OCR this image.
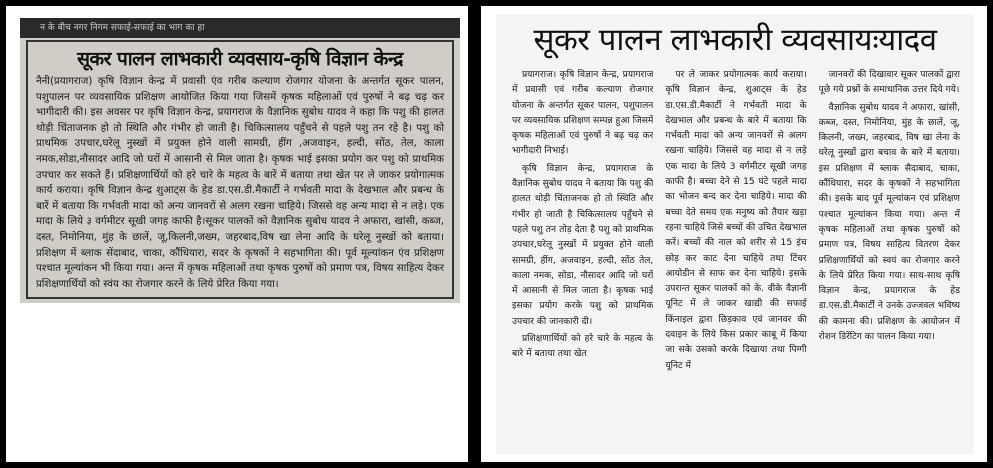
न के बीच नगर निगम सफाई-सफाई का भाग का हा
सूकर पालन लाभकारी व्यवसाय-कृषि विज्ञान केन्द्र
नैनी(प्रयागराज) कृषि विज्ञान केन्द्र में प्रवासी एंव गरीब कल्याण रोजगार योजना के अन्तर्गत सूकर पालन, पशुपालन पर व्यवसायिक प्रशिक्षण आयोजित किया गया जिसमें कृषक महिलाओं एवं पुरुषों ने बढ़ चढ़ कर भागीदारी की। इस अवसर पर कृषि विज्ञान केन्द्र, प्रयागराज के वैज्ञानिक सुबोध यादव ने कहा कि पशु की हालत थोड़ी चिंताजनक हो तो स्थिति और गंभीर हो जाती है। चिकित्सालय पहुँचने से पहले पशु तन रहे है। पशु को प्राथमिक उपचार,घरेलू नुस्खों में प्रयुक्त होने वाली सामग्री, हींग ,अजवाइन, हल्दी, सोंठ, तेल, काला नमक,सोडा,नौसादर आदि जो घरों में आसानी से मिल जाता है। कृषक भाई इसका प्रयोग कर पशु को प्राथमिक उपचार कर सकते हैं। प्रशिक्षणार्थियों को हरे चारे के महत्व के बारें में बताया तथा खेत पर ले जाकर प्रयोगात्मक कार्य कराया। कृषि विज्ञान केन्द्र शुआट्स के हेड डा.एस.डी.मैकार्टी ने गर्भवती मादा के देखभाल और प्रबन्ध के बारें में बताया कि गर्भवती मादा को अन्य जानवरों से अलग रखना चाहिये। जिससे वह अन्य मादा से न लड़े। एक मादा के लिये ३ वर्गमीटर सूखी जगह काफी है।सूकर पालकों को वैज्ञानिक सुबोध यादव ने अफारा, खांसी, कब्ज, दस्त, निमोनिया, मुंह के छालें, जू,किलनी,जख्म, जहरबाद,विष खा लेना आदि के घरेलू नुस्खों को बताया।प्रशिक्षण में ब्लाक सेंदाबाद, चाका, कौंधियारा, सदर के कृषकों ने सहभागिता की। पूर्व मूल्यांकन एंव प्रशिक्षण पश्चात मूल्यांकन भी किया गया। अन्त में कृषक महिलाओं तथा कृषक पुरुषों को प्रमाण पत्र, विषय साहित्य देकर प्रशिक्षणार्थियों को स्वंय का रोजगार करने के लिये प्रेरित किया गया।
सूकर पालन लाभकारी व्यवसायःयादव

प्रयागराज। कृषि विज्ञान केन्द्र, प्रयागराज में प्रवासी एवं गरीब कल्याण रोजगार योजना के अन्तर्गत सूकर पालन, पशुपालन पर व्यवसायिक प्रशिक्षण सम्पन्न हुआ जिसमें कृषक महिलाओं एवं पुरुषों ने बढ़ चढ़ कर भागीदारी निभाई।

कृषि विज्ञान केन्द्र, प्रयागराज के वैज्ञानिक सुबोध यादव ने बताया कि पशु की हालत थोड़ी चिंताजनक हो तो स्थिति और गंभीर हो जाती है चिकित्सालय पहुँचने से पहले पशु तन तोड़ देता है पशु को प्राथमिक उपचार,घरेलू नुस्खों में प्रयुक्त होने वाली सामग्री, हींग, अजवाइन, हल्दी, सोंठ तेल, काला नमक, सोडा, नौसादर आदि जो घरों में आसानी से मिल जाता है। कृषक भाई इसका प्रयोग करके पशु को प्राथमिक उपचार की जानकारी दी।

प्रशिक्षणार्थियों को हरे चारे के महत्व के बारे में बताया तथा खेत

पर ले जाकर प्रयोगात्मक कार्य कराया। कृषि विज्ञान केन्द्र, शुआट्स के हेड डा.एस.डी.मैकार्टी ने गर्भवती मादा के देखभाल और प्रबन्ध के बारे में बताया कि गर्भवती मादा को अन्य जानवरों से अलग रखना चाहिये। जिससे वह मादा से न लड़े एक मादा के लिये 3 वर्गमीटर सूखी जगह काफी है। बच्चा देने से 15 घंटे पहले मादा का भोजन बन्द कर देना चाहिये। मादा की बच्चा देते समय एक मनुष्य को तैयार खड़ा रहना चाहिये जिसे बच्चों की उचित देखभाल करें। बच्चों की नाल को शरीर से 15 इंच छोड़ कर काट देना चाहिये तथा टिंचर आयोडीन से साफ कर देना चाहिये। इसके उपरान्त सूकर पालकों को के. वीके वैज्ञानी यूनिट में ले जाकर खाद्यी की सफाई किंनाइल द्वारा छिड़काव एवं जानवर की दवाइन के लिये किस प्रकार काबू में किया जा सके उसको करके दिखाया तथा पिग्गी यूनिट में

जानवरों की दिखावार सूकर पालकों द्वारा पूछे गये प्रश्नों के समाधानिक उत्तर दिये गये।

वैज्ञानिक सुबोध यादव ने अफारा, खांसी, कब्ज, दस्त, निमोनिया, मुंह के छालें, जू, किलनी, जख्म, जहरबाद, विष खा लेना के घरेलू नुस्खों द्वारा बचाव के बारे में बताया। इस प्रशिक्षण में ब्लाक सैदाबाद, चाका, कौंधियारा, सदर के कृषकों ने सहभागिता की। इसके बाद पूर्व मूल्यांकन एवं प्रशिक्षण पश्चात मूल्यांकन किया गया। अन्त में कृषक महिलाओं तथा कृषक पुरुषों को प्रमाण पत्र, विषय साहित्य वितरण देकर प्रशिक्षणार्थियों को स्वयं का रोजगार करने के लिये प्रेरित किया गया। साथ-साथ कृषि विज्ञान केन्द्र, प्रयागराज के हेड डा.एस.डी.मैकार्टी ने उनके उज्जवल भविष्य की कामना की। प्रशिक्षण के आयोजन में रोशन डिरेंटिग का पालन किया गया।
